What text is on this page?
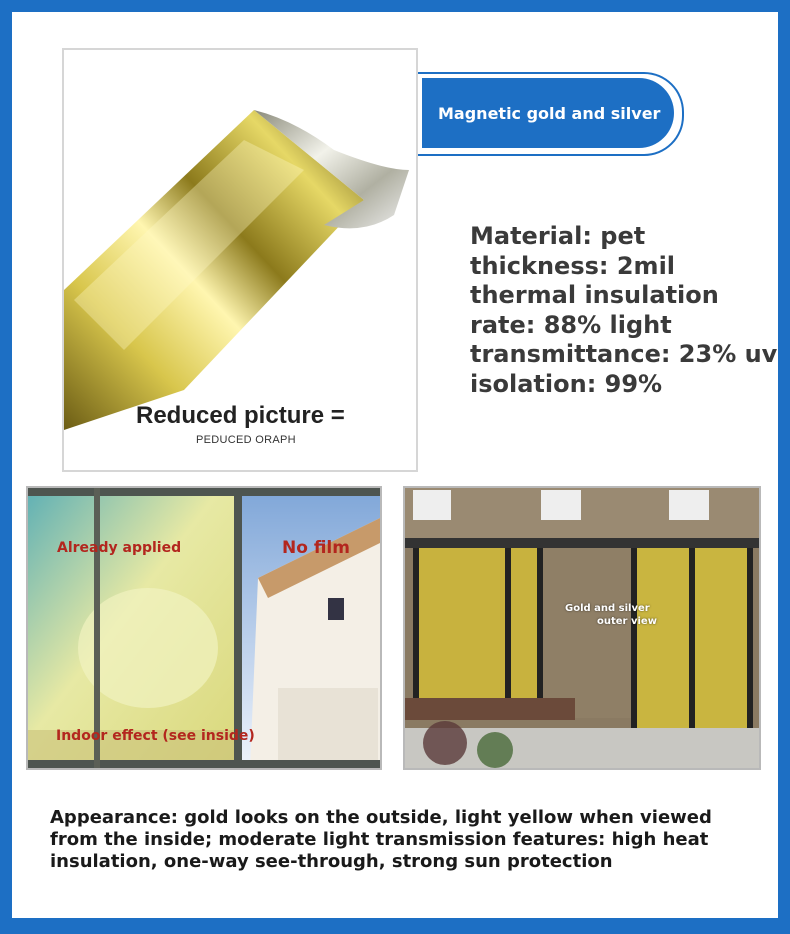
Reduced picture =
PEDUCED ORAPH
Magnetic gold and silver
Material: pet
thickness: 2mil
thermal insulation
rate: 88% light
transmittance: 23% uv
isolation: 99%
Already applied	No film
Indoor effect (see inside)
Gold and silver
outer view
Appearance: gold looks on the outside, light yellow when viewed from the inside; moderate light transmission features: high heat insulation, one-way see-through, strong sun protection
